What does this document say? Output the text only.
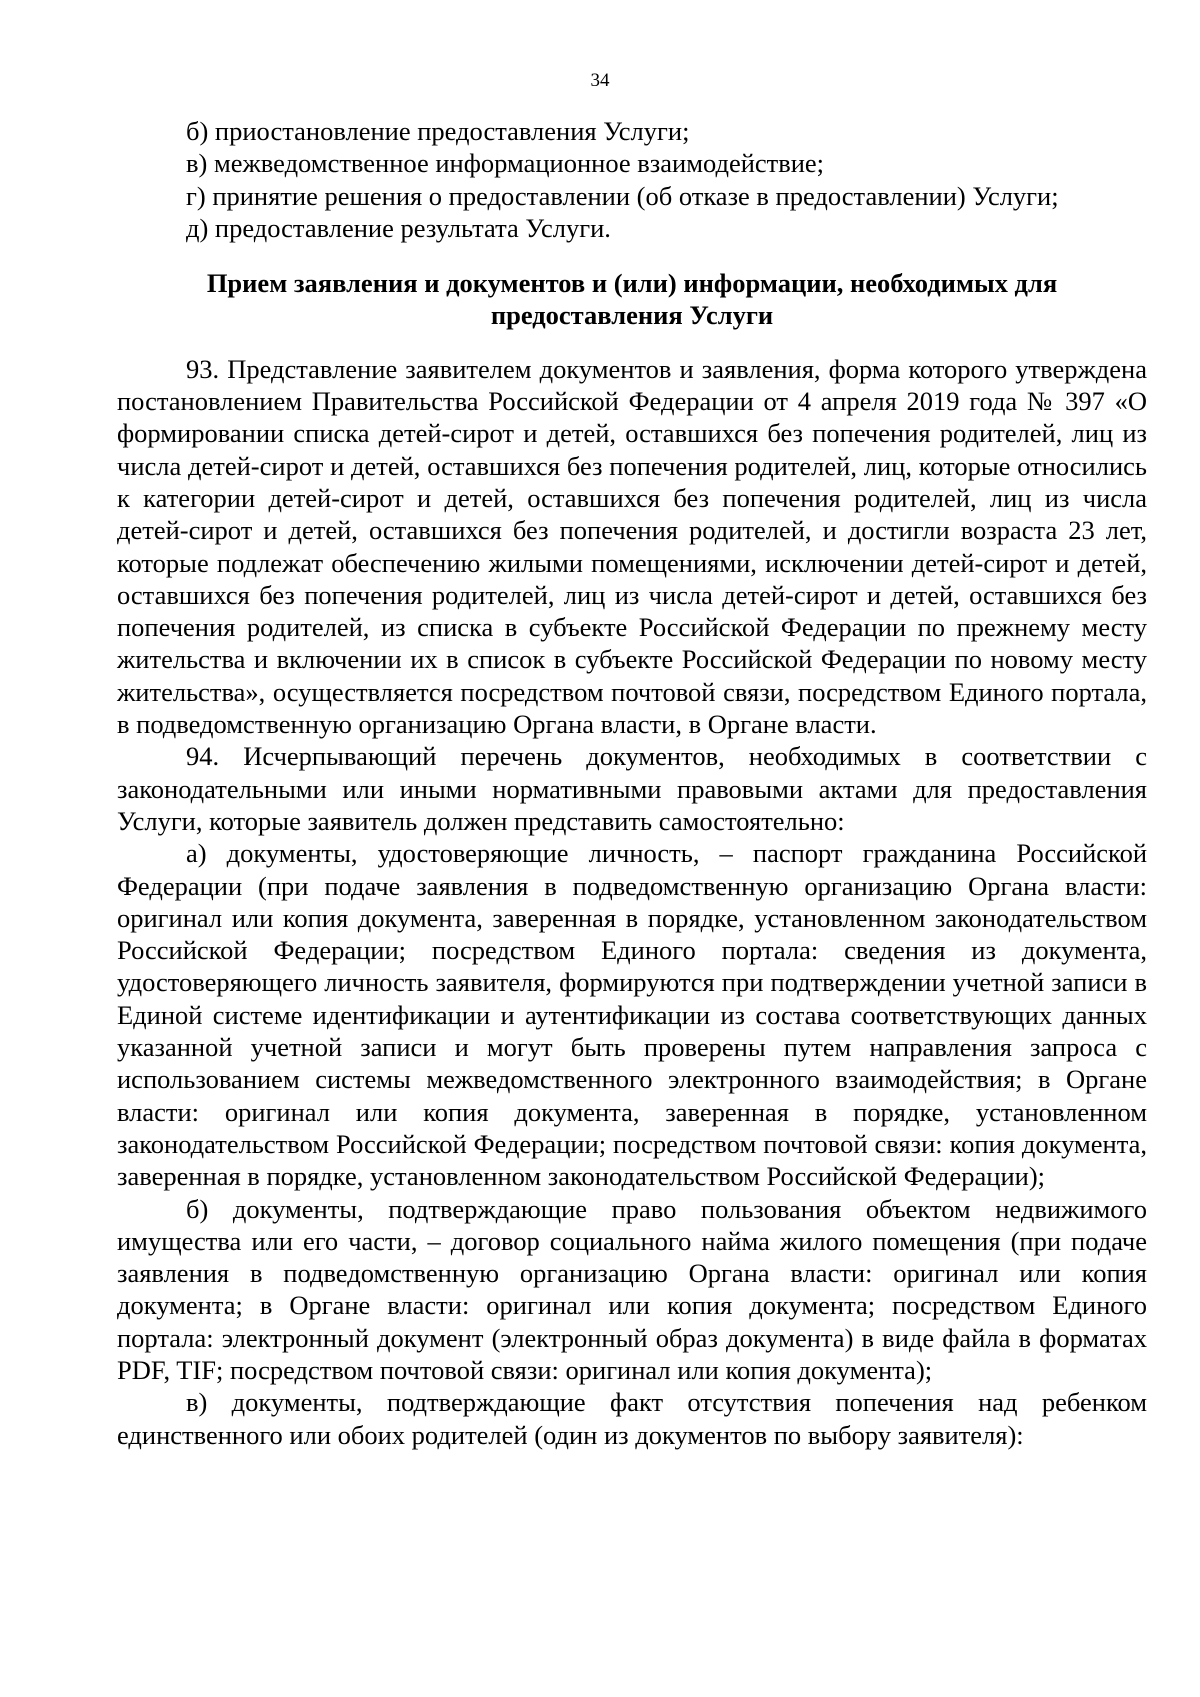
34
б) приостановление предоставления Услуги;
в) межведомственное информационное взаимодействие;
г) принятие решения о предоставлении (об отказе в предоставлении) Услуги;
д) предоставление результата Услуги.
Прием заявления и документов и (или) информации, необходимых для предоставления Услуги

93. Представление заявителем документов и заявления, форма которого утверждена постановлением Правительства Российской Федерации от 4 апреля 2019 года № 397 «О формировании списка детей-сирот и детей, оставшихся без попечения родителей, лиц из числа детей-сирот и детей, оставшихся без попечения родителей, лиц, которые относились к категории детей-сирот и детей, оставшихся без попечения родителей, лиц из числа детей-сирот и детей, оставшихся без попечения родителей, и достигли возраста 23 лет, которые подлежат обеспечению жилыми помещениями, исключении детей-сирот и детей, оставшихся без попечения родителей, лиц из числа детей-сирот и детей, оставшихся без попечения родителей, из списка в субъекте Российской Федерации по прежнему месту жительства и включении их в список в субъекте Российской Федерации по новому месту жительства», осуществляется посредством почтовой связи, посредством Единого портала, в подведомственную организацию Органа власти, в Органе власти.

94. Исчерпывающий перечень документов, необходимых в соответствии с законодательными или иными нормативными правовыми актами для предоставления Услуги, которые заявитель должен представить самостоятельно:

а) документы, удостоверяющие личность, – паспорт гражданина Российской Федерации (при подаче заявления в подведомственную организацию Органа власти: оригинал или копия документа, заверенная в порядке, установленном законодательством Российской Федерации; посредством Единого портала: сведения из документа, удостоверяющего личность заявителя, формируются при подтверждении учетной записи в Единой системе идентификации и аутентификации из состава соответствующих данных указанной учетной записи и могут быть проверены путем направления запроса с использованием системы межведомственного электронного взаимодействия; в Органе власти: оригинал или копия документа, заверенная в порядке, установленном законодательством Российской Федерации; посредством почтовой связи: копия документа, заверенная в порядке, установленном законодательством Российской Федерации);

б) документы, подтверждающие право пользования объектом недвижимого имущества или его части, – договор социального найма жилого помещения (при подаче заявления в подведомственную организацию Органа власти: оригинал или копия документа; в Органе власти: оригинал или копия документа; посредством Единого портала: электронный документ (электронный образ документа) в виде файла в форматах PDF, TIF; посредством почтовой связи: оригинал или копия документа);

в) документы, подтверждающие факт отсутствия попечения над ребенком единственного или обоих родителей (один из документов по выбору заявителя):
